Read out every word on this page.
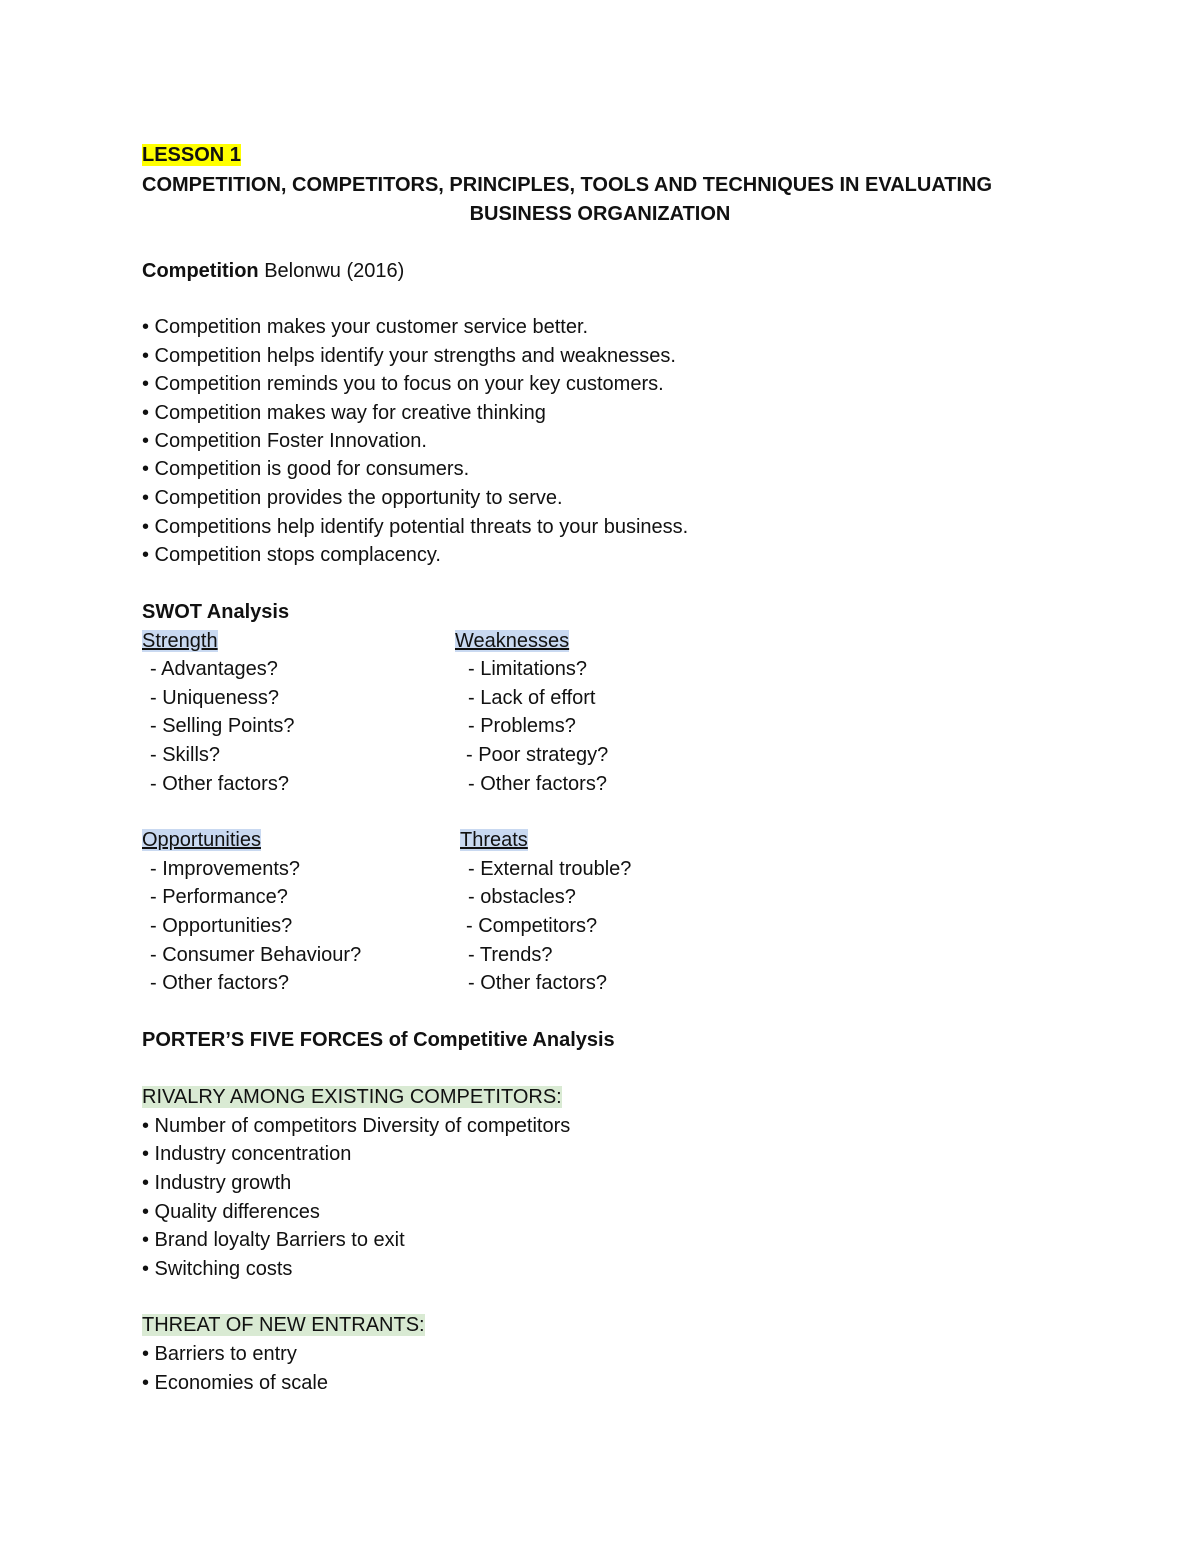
LESSON 1
COMPETITION, COMPETITORS, PRINCIPLES, TOOLS AND TECHNIQUES IN EVALUATING
BUSINESS ORGANIZATION
Competition Belonwu (2016)
• Competition makes your customer service better.
• Competition helps identify your strengths and weaknesses.
• Competition reminds you to focus on your key customers.
• Competition makes way for creative thinking
• Competition Foster Innovation.
• Competition is good for consumers.
• Competition provides the opportunity to serve.
• Competitions help identify potential threats to your business.
• Competition stops complacency.
SWOT Analysis
Strength	Weaknesses
- Advantages?
- Uniqueness?
- Selling Points?
- Skills?
- Other factors?
- Limitations?
- Lack of effort
- Problems?
- Poor strategy?
- Other factors?
Opportunities	Threats
- Improvements?
- Performance?
- Opportunities?
- Consumer Behaviour?
- Other factors?
- External trouble?
- obstacles?
- Competitors?
- Trends?
- Other factors?
PORTER’S FIVE FORCES of Competitive Analysis
RIVALRY AMONG EXISTING COMPETITORS:
• Number of competitors Diversity of competitors
• Industry concentration
• Industry growth
• Quality differences
• Brand loyalty Barriers to exit
• Switching costs
THREAT OF NEW ENTRANTS:
• Barriers to entry
• Economies of scale
